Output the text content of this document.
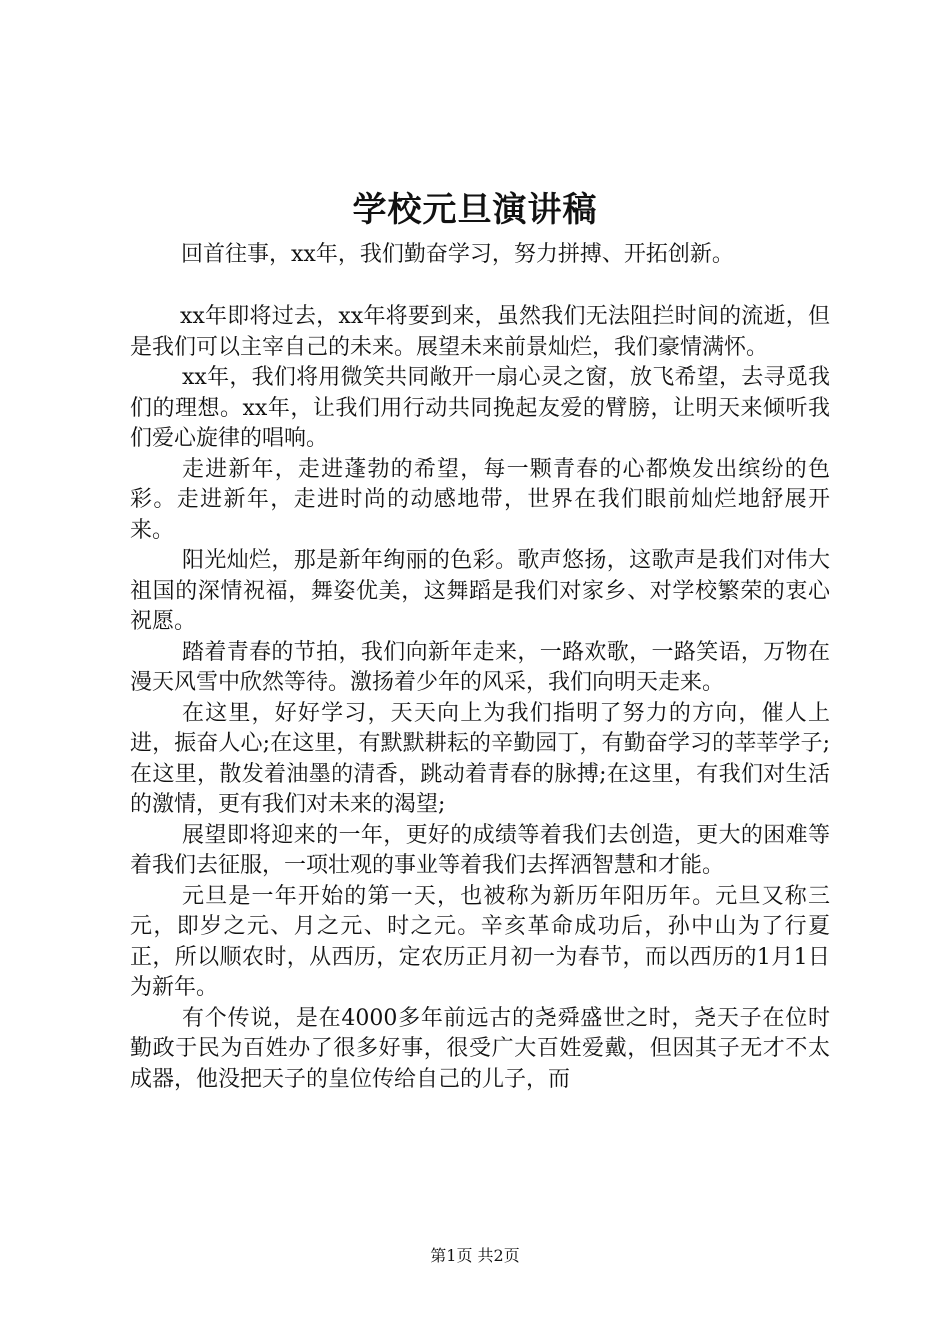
学校元旦演讲稿
回首往事，xx年，我们勤奋学习，努力拼搏、开拓创新。

xx年即将过去，xx年将要到来，虽然我们无法阻拦时间的流逝，但是我们可以主宰自己的未来。展望未来前景灿烂，我们豪情满怀。

xx年，我们将用微笑共同敞开一扇心灵之窗，放飞希望，去寻觅我们的理想。xx年，让我们用行动共同挽起友爱的臂膀，让明天来倾听我们爱心旋律的唱响。

走进新年，走进蓬勃的希望，每一颗青春的心都焕发出缤纷的色彩。走进新年，走进时尚的动感地带，世界在我们眼前灿烂地舒展开来。

阳光灿烂，那是新年绚丽的色彩。歌声悠扬，这歌声是我们对伟大祖国的深情祝福，舞姿优美，这舞蹈是我们对家乡、对学校繁荣的衷心祝愿。

踏着青春的节拍，我们向新年走来，一路欢歌，一路笑语，万物在漫天风雪中欣然等待。激扬着少年的风采，我们向明天走来。

在这里，好好学习，天天向上为我们指明了努力的方向，催人上进，振奋人心;在这里，有默默耕耘的辛勤园丁，有勤奋学习的莘莘学子;在这里，散发着油墨的清香，跳动着青春的脉搏;在这里，有我们对生活的激情，更有我们对未来的渴望;

展望即将迎来的一年，更好的成绩等着我们去创造，更大的困难等着我们去征服，一项壮观的事业等着我们去挥洒智慧和才能。

元旦是一年开始的第一天，也被称为新历年阳历年。元旦又称三元，即岁之元、月之元、时之元。辛亥革命成功后，孙中山为了行夏正，所以顺农时，从西历，定农历正月初一为春节，而以西历的1月1日为新年。

有个传说，是在4000多年前远古的尧舜盛世之时，尧天子在位时勤政于民为百姓办了很多好事，很受广大百姓爱戴，但因其子无才不太成器，他没把天子的皇位传给自己的儿子，而

第1页 共2页
